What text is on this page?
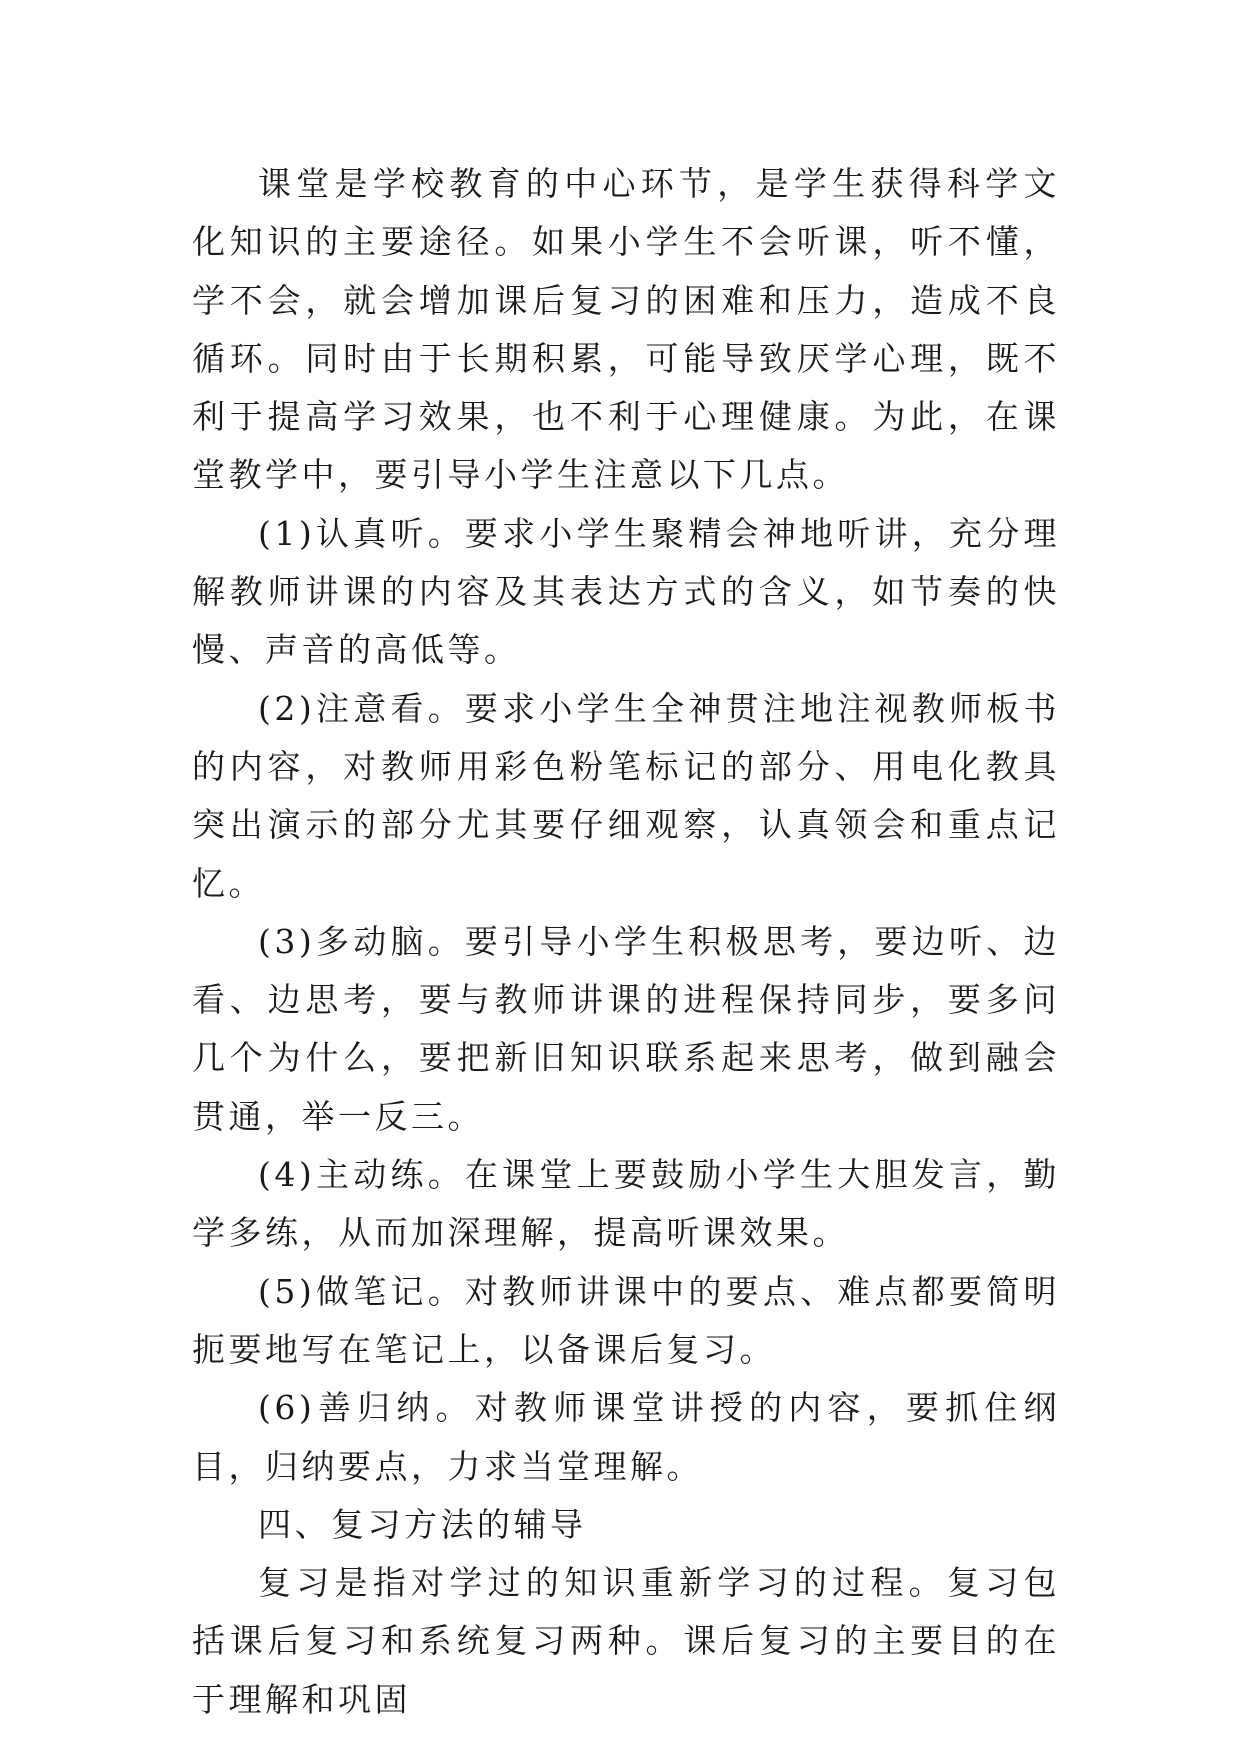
课堂是学校教育的中心环节，是学生获得科学文化知识的主要途径。如果小学生不会听课，听不懂，学不会，就会增加课后复习的困难和压力，造成不良循环。同时由于长期积累，可能导致厌学心理，既不利于提高学习效果，也不利于心理健康。为此，在课堂教学中，要引导小学生注意以下几点。

(1)认真听。要求小学生聚精会神地听讲，充分理解教师讲课的内容及其表达方式的含义，如节奏的快慢、声音的高低等。

(2)注意看。要求小学生全神贯注地注视教师板书的内容，对教师用彩色粉笔标记的部分、用电化教具突出演示的部分尤其要仔细观察，认真领会和重点记忆。

(3)多动脑。要引导小学生积极思考，要边听、边看、边思考，要与教师讲课的进程保持同步，要多问几个为什么，要把新旧知识联系起来思考，做到融会贯通，举一反三。

(4)主动练。在课堂上要鼓励小学生大胆发言，勤学多练，从而加深理解，提高听课效果。

(5)做笔记。对教师讲课中的要点、难点都要简明扼要地写在笔记上，以备课后复习。

(6)善归纳。对教师课堂讲授的内容，要抓住纲目，归纳要点，力求当堂理解。

四、复习方法的辅导

复习是指对学过的知识重新学习的过程。复习包括课后复习和系统复习两种。课后复习的主要目的在于理解和巩固
